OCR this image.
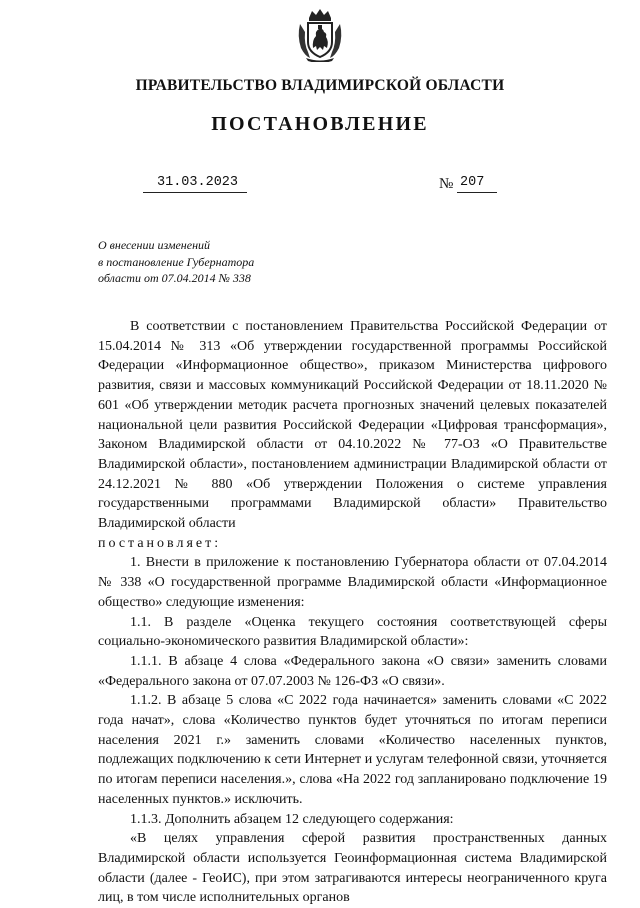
ПРАВИТЕЛЬСТВО ВЛАДИМИРСКОЙ ОБЛАСТИ
ПОСТАНОВЛЕНИЕ
31.03.2023	№ 207
О внесении изменений
в постановление Губернатора
области от 07.04.2014 № 338

В соответствии с постановлением Правительства Российской Федерации от 15.04.2014 № 313 «Об утверждении государственной программы Российской Федерации «Информационное общество», приказом Министерства цифрового развития, связи и массовых коммуникаций Российской Федерации от 18.11.2020 № 601 «Об утверждении методик расчета прогнозных значений целевых показателей национальной цели развития Российской Федерации «Цифровая трансформация», Законом Владимирской области от 04.10.2022 № 77-ОЗ «О Правительстве Владимирской области», постановлением администрации Владимирской области от 24.12.2021 № 880 «Об утверждении Положения о системе управления государственными программами Владимирской области» Правительство Владимирской области

постановляет:

1. Внести в приложение к постановлению Губернатора области от 07.04.2014 № 338 «О государственной программе Владимирской области «Информационное общество» следующие изменения:

1.1. В разделе «Оценка текущего состояния соответствующей сферы социально-экономического развития Владимирской области»:

1.1.1. В абзаце 4 слова «Федерального закона «О связи» заменить словами «Федерального закона от 07.07.2003 № 126-ФЗ «О связи».

1.1.2. В абзаце 5 слова «С 2022 года начинается» заменить словами «С 2022 года начат», слова «Количество пунктов будет уточняться по итогам переписи населения 2021 г.» заменить словами «Количество населенных пунктов, подлежащих подключению к сети Интернет и услугам телефонной связи, уточняется по итогам переписи населения.», слова «На 2022 год запланировано подключение 19 населенных пунктов.» исключить.

1.1.3. Дополнить абзацем 12 следующего содержания:

«В целях управления сферой развития пространственных данных Владимирской области используется Геоинформационная система Владимирской области (далее - ГеоИС), при этом затрагиваются интересы неограниченного круга лиц, в том числе исполнительных органов
